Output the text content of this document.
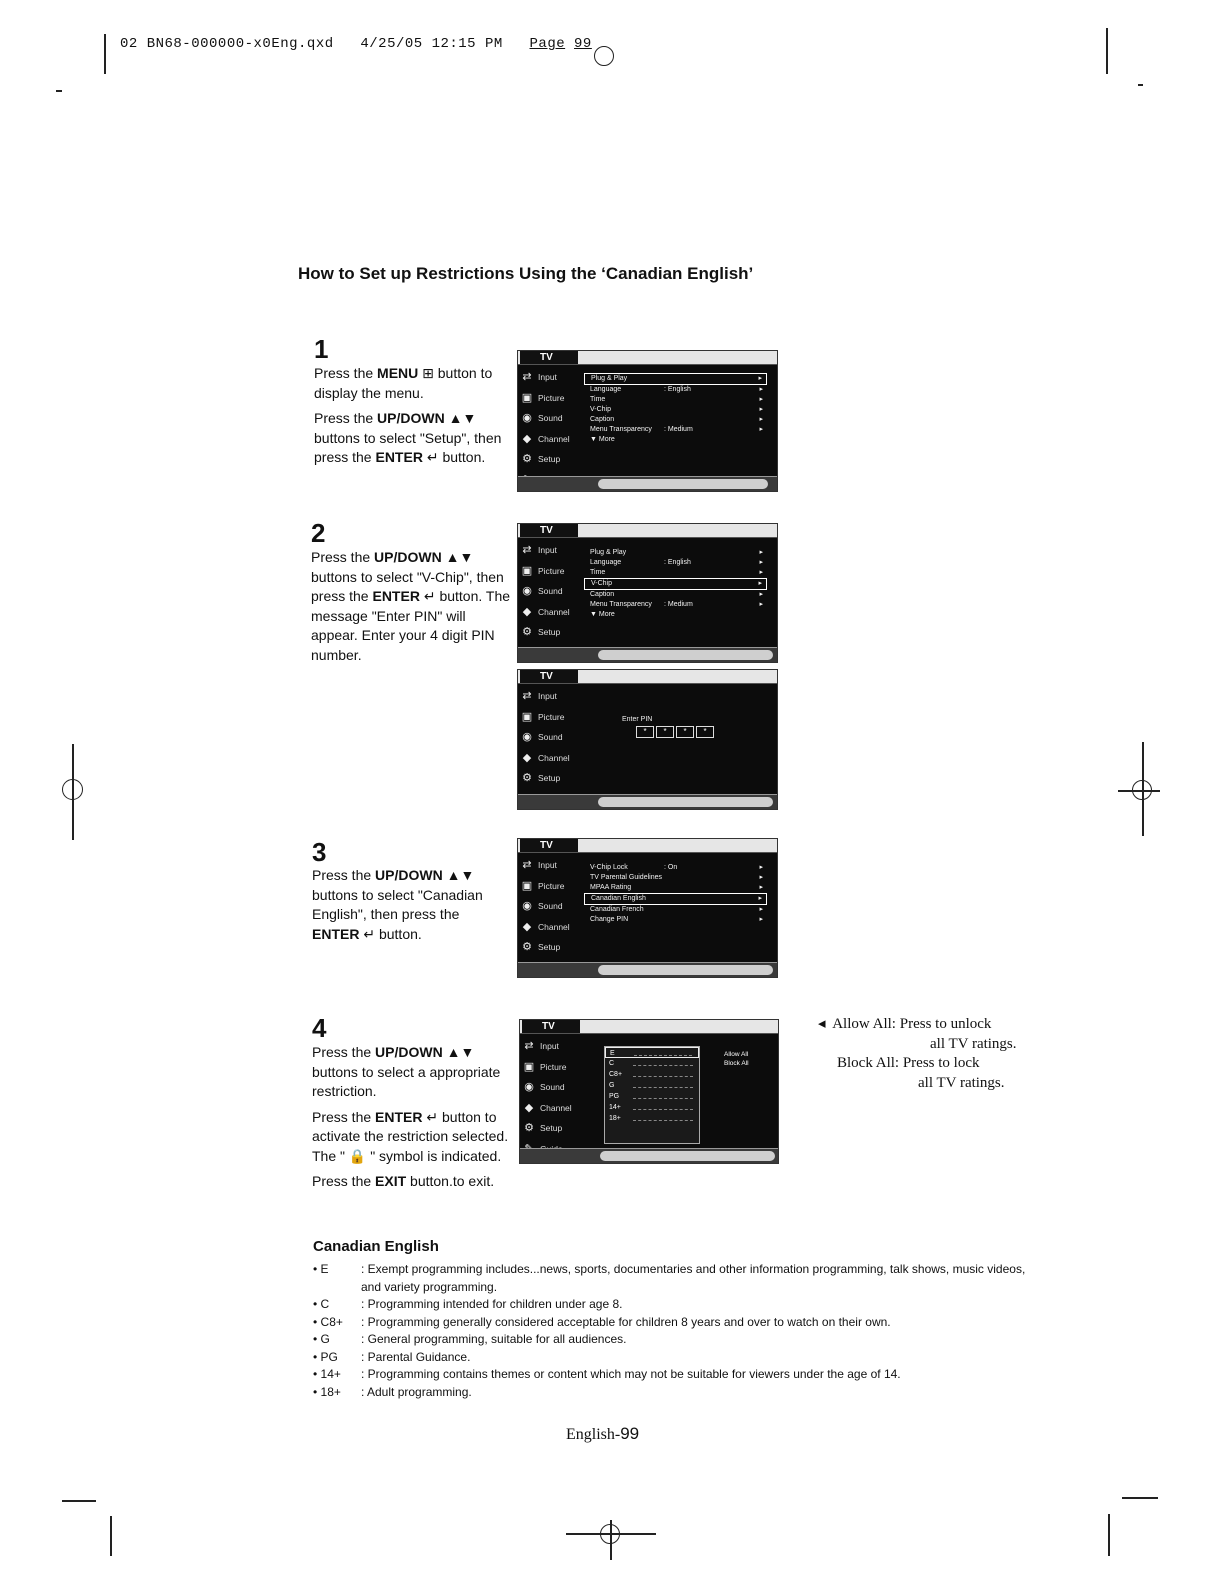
02 BN68-000000-x0Eng.qxd 4/25/05 12:15 PM Page 99
How to Set up Restrictions Using the ‘Canadian English’
1

Press the MENU ⊞ button to display the menu.

Press the UP/DOWN ▲▼ buttons to select "Setup", then press the ENTER ↵ button.

2

Press the UP/DOWN ▲▼ buttons to select "V-Chip", then press the ENTER ↵ button. The message "Enter PIN" will appear. Enter your 4 digit PIN number.

3

Press the UP/DOWN ▲▼ buttons to select "Canadian English", then press the ENTER ↵ button.

4

Press the UP/DOWN ▲▼ buttons to select a appropriate restriction.

Press the ENTER ↵ button to activate the restriction selected. The " 🔒 " symbol is indicated.

Press the EXIT button.to exit.

TV
⇄ Input
▣ Picture
◉ Sound
◆ Channel
⚙ Setup
Plug & Play	▸
Language	: English	▸
Time	▸
V-Chip	▸
Caption	▸
Menu Transparency : Medium	▸
▼ More
TV
⇄ Input
▣ Picture
◉ Sound
◆ Channel
⚙ Setup
Plug & Play	▸
Language	: English	▸
Time	▸
V-Chip	▸
Caption	▸
Menu Transparency : Medium	▸
▼ More
TV
⇄ Input
▣ Picture
◉ Sound
◆ Channel
⚙ Setup
Enter PIN
*	*	*	*
TV
⇄ Input
▣ Picture
◉ Sound
◆ Channel
⚙ Setup
V-Chip Lock	: On	▸
TV Parental Guidelines	▸
MPAA Rating	▸
Canadian English	▸
Canadian French	▸
Change PIN	▸
TV
⇄ Input
▣ Picture
◉ Sound
◆ Channel
⚙ Setup
E
C
C8+
G
PG
14+
18+
Allow All
Block All
◂ Allow All: Press to unlock
all TV ratings.
Block All: Press to lock
all TV ratings.
Canadian English
• E	: Exempt programming includes...news, sports, documentaries and other information programming, talk shows, music videos, and variety programming.
• C	: Programming intended for children under age 8.
• C8+	: Programming generally considered acceptable for children 8 years and over to watch on their own.
• G	: General programming, suitable for all audiences.
• PG	: Parental Guidance.
• 14+	: Programming contains themes or content which may not be suitable for viewers under the age of 14.
• 18+	: Adult programming.
English-99
